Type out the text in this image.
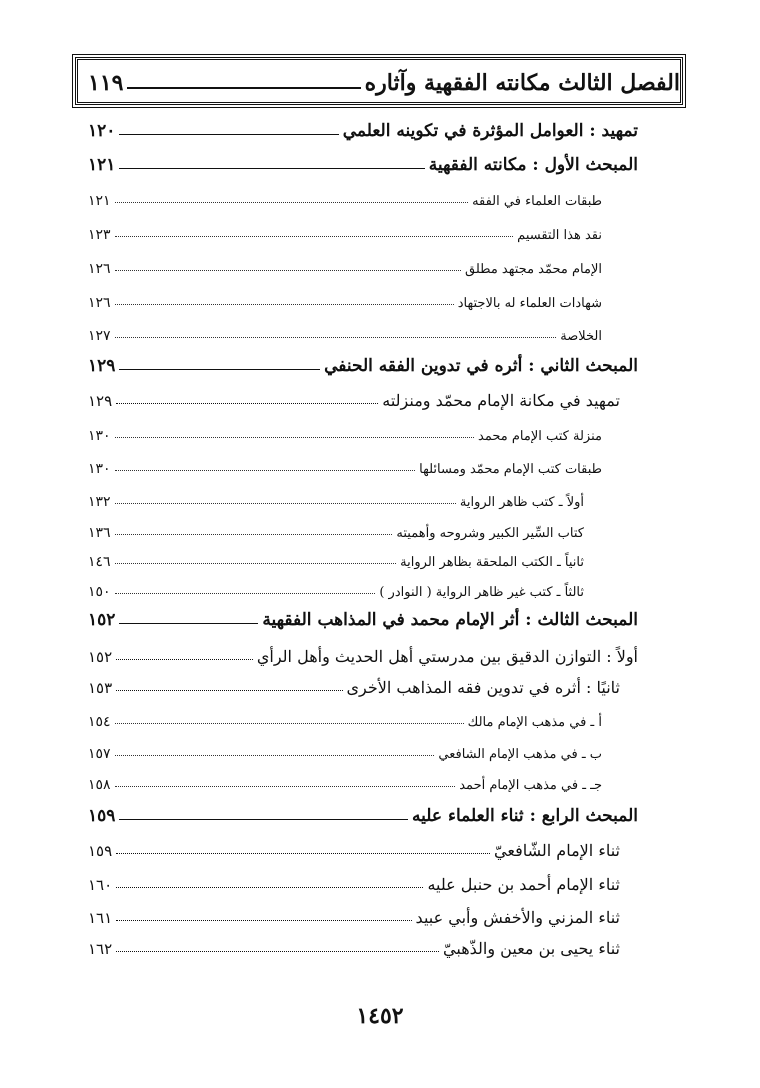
الفصل الثالث مكانته الفقهية وآثاره
١١٩
تمهيد : العوامل المؤثرة في تكوينه العلمي
١٢٠
المبحث الأول : مكانته الفقهية
١٢١
طبقات العلماء في الفقه
١٢١
نقد هذا التقسيم
١٢٣
الإمام محمّد مجتهد مطلق
١٢٦
شهادات العلماء له بالاجتهاد
١٢٦
الخلاصة
١٢٧
المبحث الثاني : أثره في تدوين الفقه الحنفي
١٢٩
تمهيد في مكانة الإمام محمّد ومنزلته
١٢٩
منزلة كتب الإمام محمد
١٣٠
طبقات كتب الإمام محمّد ومسائلها
١٣٠
أولاً ـ كتب ظاهر الرواية
١٣٢
كتاب السِّير الكبير وشروحه وأهميته
١٣٦
ثانياً ـ الكتب الملحقة بظاهر الرواية
١٤٦
ثالثاً ـ كتب غير ظاهر الرواية ( النوادر )
١٥٠
المبحث الثالث : أثر الإمام محمد في المذاهب الفقهية
١٥٢
أولاً : التوازن الدقيق بين مدرستي أهل الحديث وأهل الرأي
١٥٢
ثانيًا : أثره في تدوين فقه المذاهب الأخرى
١٥٣
أ ـ في مذهب الإمام مالك
١٥٤
ب ـ في مذهب الإمام الشافعي
١٥٧
جـ ـ في مذهب الإمام أحمد
١٥٨
المبحث الرابع : ثناء العلماء عليه
١٥٩
ثناء الإمام الشّافعيّ
١٥٩
ثناء الإمام أحمد بن حنبل عليه
١٦٠
ثناء المزني والأخفش وأبي عبيد
١٦١
ثناء يحيى بن معين والذّهبيّ
١٦٢
١٤٥٢
